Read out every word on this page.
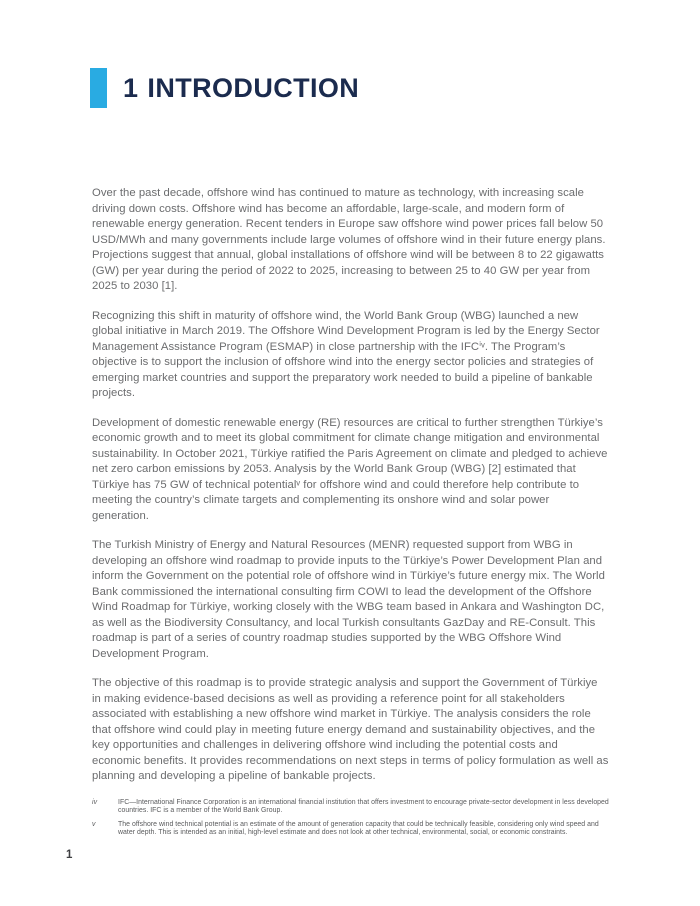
1 INTRODUCTION

Over the past decade, offshore wind has continued to mature as technology, with increasing scale driving down costs. Offshore wind has become an affordable, large-scale, and modern form of renewable energy generation. Recent tenders in Europe saw offshore wind power prices fall below 50 USD/MWh and many governments include large volumes of offshore wind in their future energy plans. Projections suggest that annual, global installations of offshore wind will be between 8 to 22 gigawatts (GW) per year during the period of 2022 to 2025, increasing to between 25 to 40 GW per year from 2025 to 2030 [1].

Recognizing this shift in maturity of offshore wind, the World Bank Group (WBG) launched a new global initiative in March 2019. The Offshore Wind Development Program is led by the Energy Sector Management Assistance Program (ESMAP) in close partnership with the IFCⁱᵛ. The Program’s objective is to support the inclusion of offshore wind into the energy sector policies and strategies of emerging market countries and support the preparatory work needed to build a pipeline of bankable projects.

Development of domestic renewable energy (RE) resources are critical to further strengthen Türkiye’s economic growth and to meet its global commitment for climate change mitigation and environmental sustainability. In October 2021, Türkiye ratified the Paris Agreement on climate and pledged to achieve net zero carbon emissions by 2053. Analysis by the World Bank Group (WBG) [2] estimated that Türkiye has 75 GW of technical potentialᵛ for offshore wind and could therefore help contribute to meeting the country’s climate targets and complementing its onshore wind and solar power generation.

The Turkish Ministry of Energy and Natural Resources (MENR) requested support from WBG in developing an offshore wind roadmap to provide inputs to the Türkiye’s Power Development Plan and inform the Government on the potential role of offshore wind in Türkiye’s future energy mix. The World Bank commissioned the international consulting firm COWI to lead the development of the Offshore Wind Roadmap for Türkiye, working closely with the WBG team based in Ankara and Washington DC, as well as the Biodiversity Consultancy, and local Turkish consultants GazDay and RE-Consult. This roadmap is part of a series of country roadmap studies supported by the WBG Offshore Wind Development Program.

The objective of this roadmap is to provide strategic analysis and support the Government of Türkiye in making evidence-based decisions as well as providing a reference point for all stakeholders associated with establishing a new offshore wind market in Türkiye. The analysis considers the role that offshore wind could play in meeting future energy demand and sustainability objectives, and the key opportunities and challenges in delivering offshore wind including the potential costs and economic benefits. It provides recommendations on next steps in terms of policy formulation as well as planning and developing a pipeline of bankable projects.

iv	IFC—International Finance Corporation is an international financial institution that offers investment to encourage private-sector development in less developed countries. IFC is a member of the World Bank Group.
v	The offshore wind technical potential is an estimate of the amount of generation capacity that could be technically feasible, considering only wind speed and water depth. This is intended as an initial, high-level estimate and does not look at other technical, environmental, social, or economic constraints.
1
